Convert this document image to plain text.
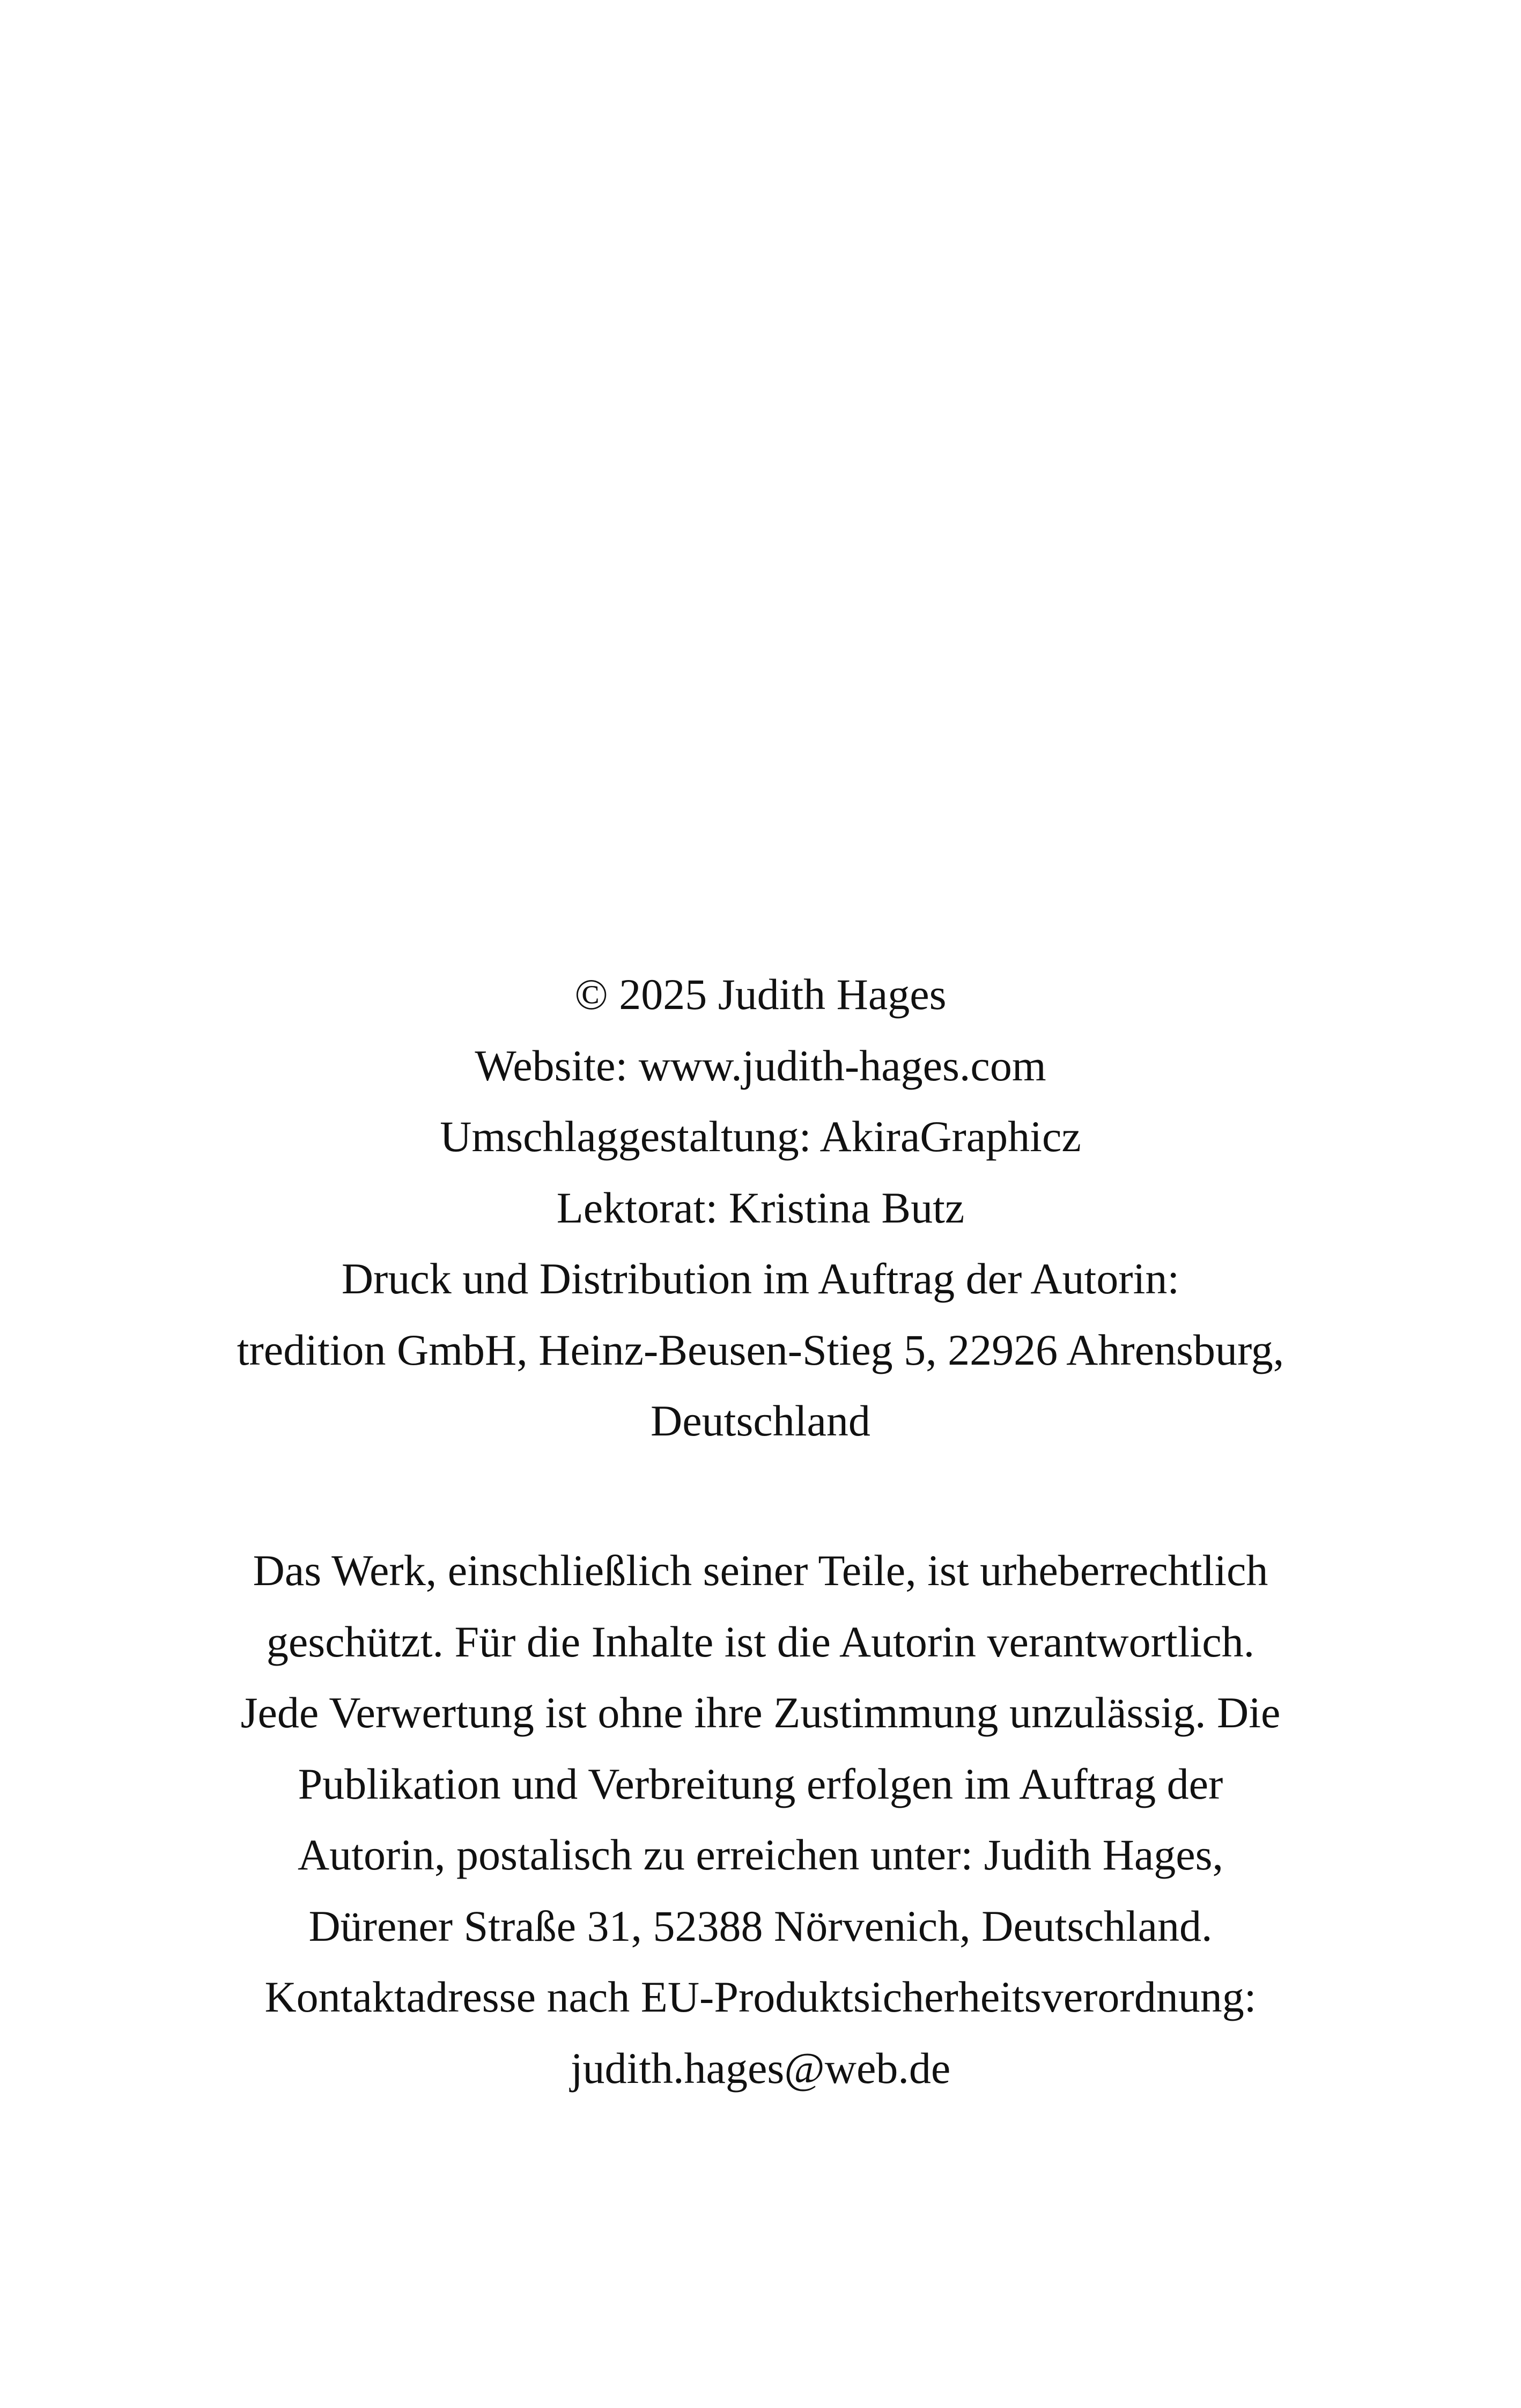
© 2025 Judith Hages
Website: www.judith-hages.com
Umschlaggestaltung: AkiraGraphicz
Lektorat: Kristina Butz
Druck und Distribution im Auftrag der Autorin:
tredition GmbH, Heinz-Beusen-Stieg 5, 22926 Ahrensburg,
Deutschland
Das Werk, einschließlich seiner Teile, ist urheberrechtlich
geschützt. Für die Inhalte ist die Autorin verantwortlich.
Jede Verwertung ist ohne ihre Zustimmung unzulässig. Die
Publikation und Verbreitung erfolgen im Auftrag der
Autorin, postalisch zu erreichen unter: Judith Hages,
Dürener Straße 31, 52388 Nörvenich, Deutschland.
Kontaktadresse nach EU-Produktsicherheitsverordnung:
judith.hages@web.de
